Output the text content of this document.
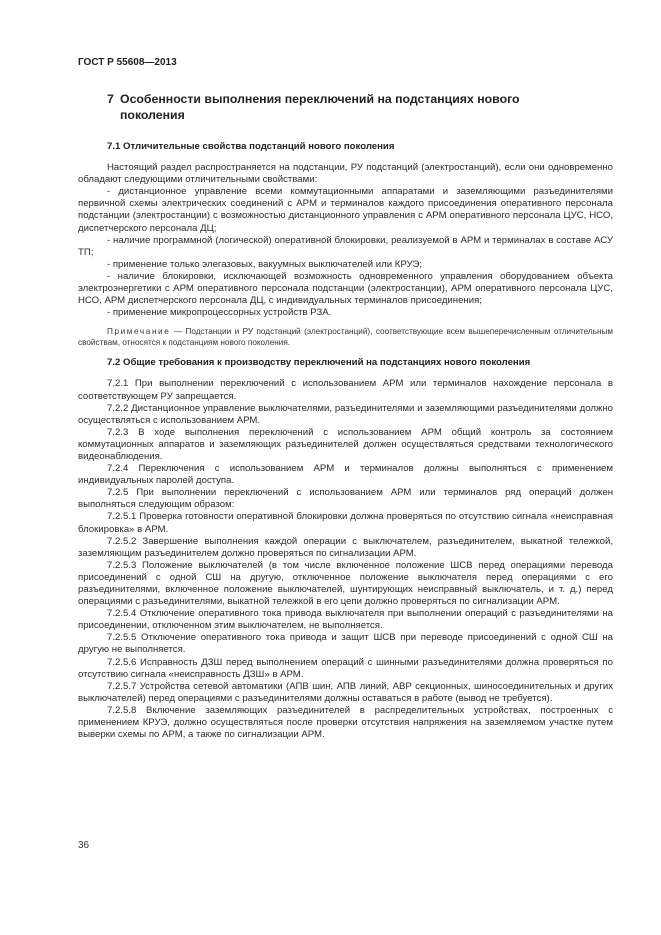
ГОСТ Р 55608—2013
7 Особенности выполнения переключений на подстанциях нового
поколения
7.1 Отличительные свойства подстанций нового поколения

Настоящий раздел распространяется на подстанции, РУ подстанций (электростанций), если они одновременно обладают следующими отличительными свойствами:

- дистанционное управление всеми коммутационными аппаратами и заземляющими разъединителями первичной схемы электрических соединений с АРМ и терминалов каждого присоединения оперативного персонала подстанции (электростанции) с возможностью дистанционного управления с АРМ оперативного персонала ЦУС, НСО, диспетчерского персонала ДЦ;

- наличие программной (логической) оперативной блокировки, реализуемой в АРМ и терминалах в составе АСУ ТП;

- применение только элегазовых, вакуумных выключателей или КРУЭ;

- наличие блокировки, исключающей возможность одновременного управления оборудованием объекта электроэнергетики с АРМ оперативного персонала подстанции (электростанции), АРМ оперативного персонала ЦУС, НСО, АРМ диспетчерского персонала ДЦ, с индивидуальных терминалов присоединения;

- применение микропроцессорных устройств РЗА.

Примечание — Подстанции и РУ подстанций (электростанций), соответствующие всем вышеперечисленным отличительным свойствам, относятся к подстанциям нового поколения.
7.2 Общие требования к производству переключений на подстанциях нового поколения

7.2.1 При выполнении переключений с использованием АРМ или терминалов нахождение персонала в соответствующем РУ запрещается.

7.2.2 Дистанционное управление выключателями, разъединителями и заземляющими разъединителями должно осуществляться с использованием АРМ.

7.2.3 В ходе выполнения переключений с использованием АРМ общий контроль за состоянием коммутационных аппаратов и заземляющих разъединителей должен осуществляться средствами технологического видеонаблюдения.

7.2.4 Переключения с использованием АРМ и терминалов должны выполняться с применением индивидуальных паролей доступа.

7.2.5 При выполнении переключений с использованием АРМ или терминалов ряд операций должен выполняться следующим образом:

7.2.5.1 Проверка готовности оперативной блокировки должна проверяться по отсутствию сигнала «неисправная блокировка» в АРМ.

7.2.5.2 Завершение выполнения каждой операции с выключателем, разъединителем, выкатной тележкой, заземляющим разъединителем должно проверяться по сигнализации АРМ.

7.2.5.3 Положение выключателей (в том числе включенное положение ШСВ перед операциями перевода присоединений с одной СШ на другую, отключенное положение выключателя перед операциями с его разъединителями, включенное положение выключателей, шунтирующих неисправный выключатель, и т. д.) перед операциями с разъединителями, выкатной тележкой в его цепи должно проверяться по сигнализации АРМ.

7.2.5.4 Отключение оперативного тока привода выключателя при выполнении операций с разъединителями на присоединении, отключенном этим выключателем, не выполняется.

7.2.5.5 Отключение оперативного тока привода и защит ШСВ при переводе присоединений с одной СШ на другую не выполняется.

7.2.5.6 Исправность ДЗШ перед выполнением операций с шинными разъединителями должна проверяться по отсутствию сигнала «неисправность ДЗШ» в АРМ.

7.2.5.7 Устройства сетевой автоматики (АПВ шин, АПВ линий, АВР секционных, шиносоединительных и других выключателей) перед операциями с разъединителями должны оставаться в работе (вывод не требуется).

7.2.5.8 Включение заземляющих разъединителей в распределительных устройствах, построенных с применением КРУЭ, должно осуществляться после проверки отсутствия напряжения на заземляемом участке путем выверки схемы по АРМ, а также по сигнализации АРМ.

36
